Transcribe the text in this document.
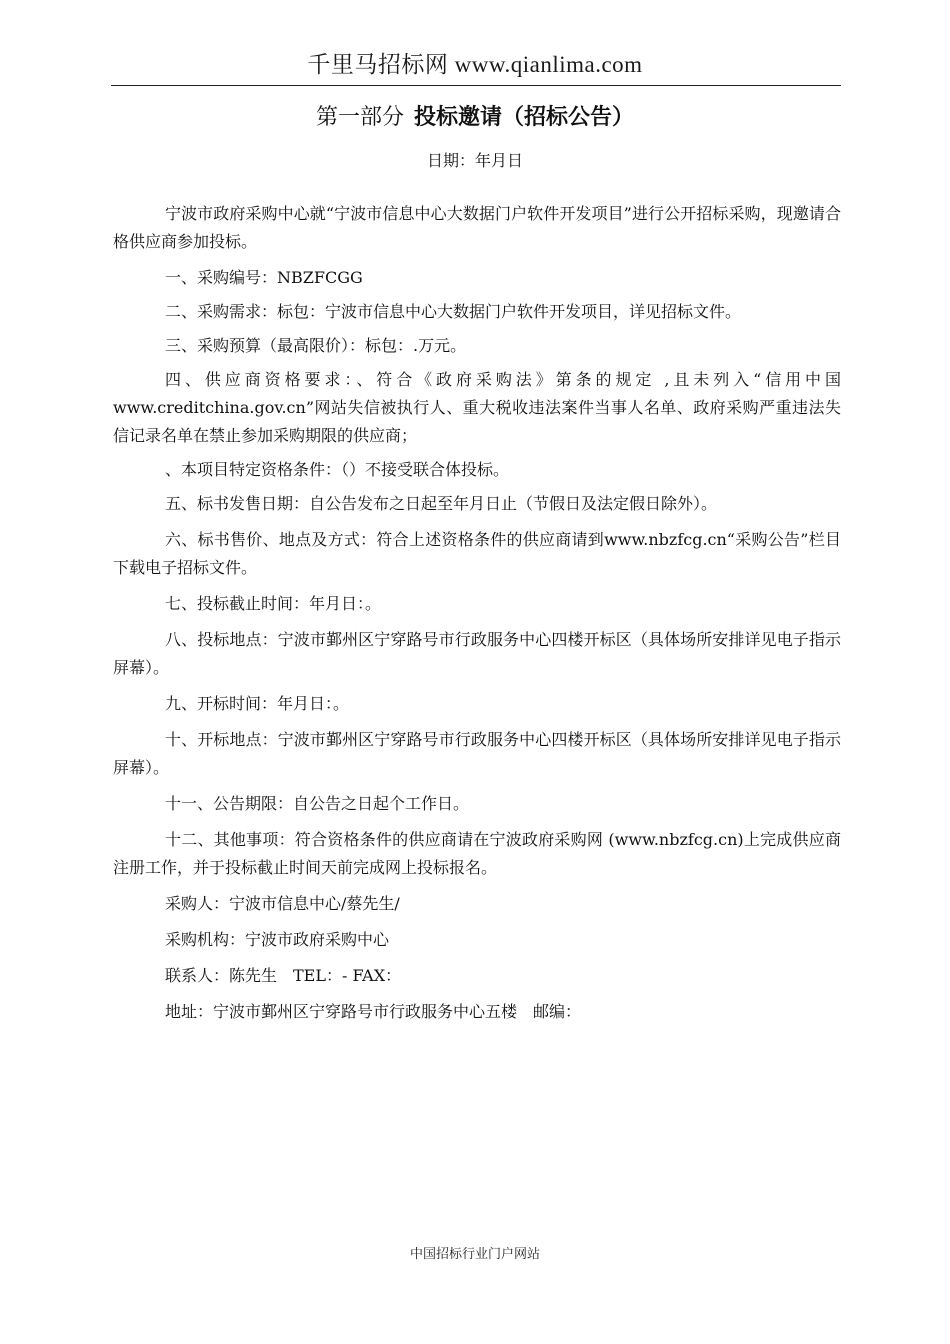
千里马招标网 www.qianlima.com
第一部分 投标邀请（招标公告）
日期：年月日

宁波市政府采购中心就“宁波市信息中心大数据门户软件开发项目”进行公开招标采购，现邀请合格供应商参加投标。

一、采购编号：NBZFCGG

二、采购需求：标包：宁波市信息中心大数据门户软件开发项目，详见招标文件。

三、采购预算（最高限价）：标包：.万元。

四、供应商资格要求：、符合《政府采购法》第条的规定 ,且未列入“信用中国www.creditchina.gov.cn”网站失信被执行人、重大税收违法案件当事人名单、政府采购严重违法失信记录名单在禁止参加采购期限的供应商；

、本项目特定资格条件：（）不接受联合体投标。

五、标书发售日期：自公告发布之日起至年月日止（节假日及法定假日除外）。

六、标书售价、地点及方式：符合上述资格条件的供应商请到www.nbzfcg.cn“采购公告”栏目下载电子招标文件。

七、投标截止时间：年月日：。

八、投标地点：宁波市鄞州区宁穿路号市行政服务中心四楼开标区（具体场所安排详见电子指示屏幕）。

九、开标时间：年月日：。

十、开标地点：宁波市鄞州区宁穿路号市行政服务中心四楼开标区（具体场所安排详见电子指示屏幕）。

十一、公告期限：自公告之日起个工作日。

十二、其他事项：符合资格条件的供应商请在宁波政府采购网 (www.nbzfcg.cn)上完成供应商注册工作，并于投标截止时间天前完成网上投标报名。

采购人：宁波市信息中心/蔡先生/

采购机构：宁波市政府采购中心

联系人：陈先生　TEL：- FAX：

地址：宁波市鄞州区宁穿路号市行政服务中心五楼　邮编：

中国招标行业门户网站
